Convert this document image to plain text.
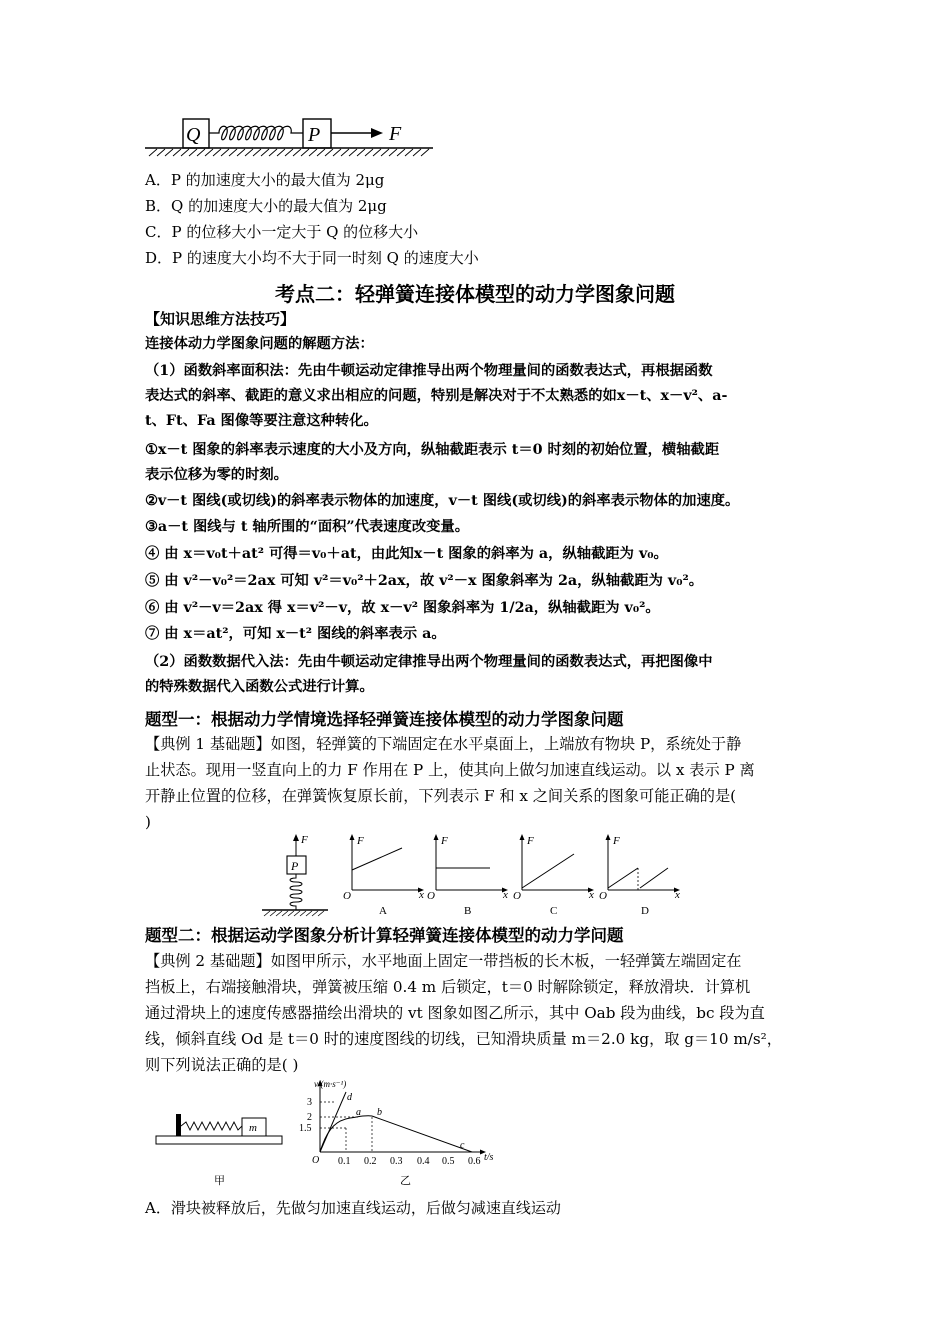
Q	P	F
A．P 的加速度大小的最大值为 2μg
B．Q 的加速度大小的最大值为 2μg
C．P 的位移大小一定大于 Q 的位移大小
D．P 的速度大小均不大于同一时刻 Q 的速度大小
考点二：轻弹簧连接体模型的动力学图象问题
【知识思维方法技巧】
连接体动力学图象问题的解题方法：
（1）函数斜率面积法：先由牛顿运动定律推导出两个物理量间的函数表达式，再根据函数
表达式的斜率、截距的意义求出相应的问题，特别是解决对于不太熟悉的如x－t、x－v²、a-
t、Ft、Fa 图像等要注意这种转化。
①x－t 图象的斜率表示速度的大小及方向，纵轴截距表示 t＝0 时刻的初始位置，横轴截距
表示位移为零的时刻。
②v－t 图线(或切线)的斜率表示物体的加速度，v－t 图线(或切线)的斜率表示物体的加速度。
③a－t 图线与 t 轴所围的“面积”代表速度改变量。
④ 由 x＝v₀t＋at² 可得＝v₀＋at，由此知x－t 图象的斜率为 a，纵轴截距为 v₀。
⑤ 由 v²－v₀²＝2ax 可知 v²＝v₀²＋2ax，故 v²－x 图象斜率为 2a，纵轴截距为 v₀²。
⑥ 由 v²－v＝2ax 得 x＝v²－v，故 x－v² 图象斜率为 1/2a，纵轴截距为 v₀²。
⑦ 由 x＝at²，可知 x－t² 图线的斜率表示 a。
（2）函数数据代入法：先由牛顿运动定律推导出两个物理量间的函数表达式，再把图像中
的特殊数据代入函数公式进行计算。
题型一：根据动力学情境选择轻弹簧连接体模型的动力学图象问题
【典例 1 基础题】如图，轻弹簧的下端固定在水平桌面上，上端放有物块 P，系统处于静
止状态。现用一竖直向上的力 F 作用在 P 上，使其向上做匀加速直线运动。以 x 表示 P 离
开静止位置的位移，在弹簧恢复原长前，下列表示 F 和 x 之间关系的图象可能正确的是(
)
P
F	F
O	x
A
F
O	x
B
F
O	x
C
F
O	x
D
题型二：根据运动学图象分析计算轻弹簧连接体模型的动力学问题
【典例 2 基础题】如图甲所示，水平地面上固定一带挡板的长木板，一轻弹簧左端固定在
挡板上，右端接触滑块，弹簧被压缩 0.4 m 后锁定，t＝0 时解除锁定，释放滑块．计算机
通过滑块上的速度传感器描绘出滑块的 vt 图象如图乙所示，其中 Oab 段为曲线，bc 段为直
线，倾斜直线 Od 是 t＝0 时的速度图线的切线，已知滑块质量 m＝2.0 kg，取 g＝10 m/s²，
则下列说法正确的是( )
m
甲
v/(m·s⁻¹)
t/s
O
3
2
1.5
d
a b
c
0.1 0.2 0.3 0.4 0.5 0.6
乙
A．滑块被释放后，先做匀加速直线运动，后做匀减速直线运动
